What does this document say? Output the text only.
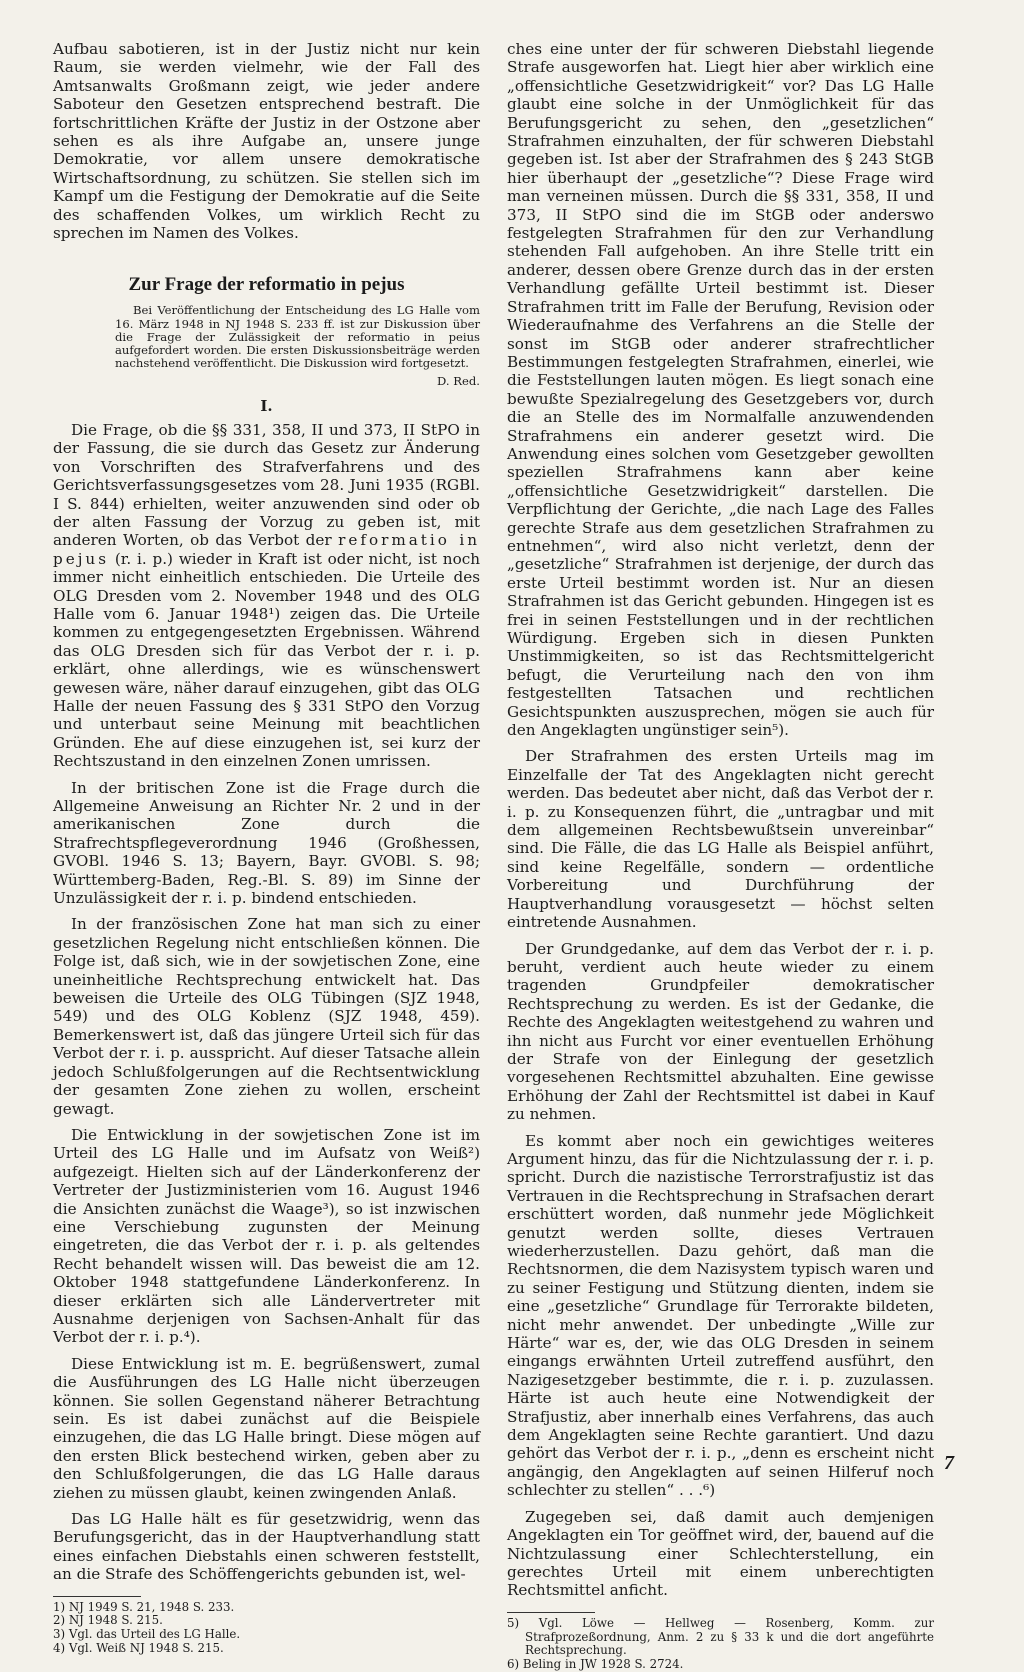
Aufbau sabotieren, ist in der Justiz nicht nur kein Raum, sie werden vielmehr, wie der Fall des Amtsanwalts Großmann zeigt, wie jeder andere Saboteur den Gesetzen entsprechend bestraft. Die fortschrittlichen Kräfte der Justiz in der Ostzone aber sehen es als ihre Aufgabe an, unsere junge Demokratie, vor allem unsere demokratische Wirtschaftsordnung, zu schützen. Sie stellen sich im Kampf um die Festigung der Demokratie auf die Seite des schaffenden Volkes, um wirklich Recht zu sprechen im Namen des Volkes.

Zur Frage der reformatio in pejus

Bei Veröffentlichung der Entscheidung des LG Halle vom 16. März 1948 in NJ 1948 S. 233 ff. ist zur Diskussion über die Frage der Zulässigkeit der reformatio in peius aufgefordert worden. Die ersten Diskussionsbeiträge werden nachstehend veröffentlicht. Die Diskussion wird fortgesetzt.

D. Red.

I.

Die Frage, ob die §§ 331, 358, II und 373, II StPO in der Fassung, die sie durch das Gesetz zur Änderung von Vorschriften des Strafverfahrens und des Gerichtsverfassungsgesetzes vom 28. Juni 1935 (RGBl. I S. 844) erhielten, weiter anzuwenden sind oder ob der alten Fassung der Vorzug zu geben ist, mit anderen Worten, ob das Verbot der reformatio in pejus (r. i. p.) wieder in Kraft ist oder nicht, ist noch immer nicht einheitlich entschieden. Die Urteile des OLG Dresden vom 2. November 1948 und des OLG Halle vom 6. Januar 1948¹) zeigen das. Die Urteile kommen zu entgegengesetzten Ergebnissen. Während das OLG Dresden sich für das Verbot der r. i. p. erklärt, ohne allerdings, wie es wünschenswert gewesen wäre, näher darauf einzugehen, gibt das OLG Halle der neuen Fassung des § 331 StPO den Vorzug und unterbaut seine Meinung mit beachtlichen Gründen. Ehe auf diese einzugehen ist, sei kurz der Rechtszustand in den einzelnen Zonen umrissen.

In der britischen Zone ist die Frage durch die Allgemeine Anweisung an Richter Nr. 2 und in der amerikanischen Zone durch die Strafrechtspflegeverordnung 1946 (Großhessen, GVOBl. 1946 S. 13; Bayern, Bayr. GVOBl. S. 98; Württemberg-Baden, Reg.-Bl. S. 89) im Sinne der Unzulässigkeit der r. i. p. bindend entschieden.

In der französischen Zone hat man sich zu einer gesetzlichen Regelung nicht entschließen können. Die Folge ist, daß sich, wie in der sowjetischen Zone, eine uneinheitliche Rechtsprechung entwickelt hat. Das beweisen die Urteile des OLG Tübingen (SJZ 1948, 549) und des OLG Koblenz (SJZ 1948, 459). Bemerkenswert ist, daß das jüngere Urteil sich für das Verbot der r. i. p. ausspricht. Auf dieser Tatsache allein jedoch Schlußfolgerungen auf die Rechtsentwicklung der gesamten Zone ziehen zu wollen, erscheint gewagt.

Die Entwicklung in der sowjetischen Zone ist im Urteil des LG Halle und im Aufsatz von Weiß²) aufgezeigt. Hielten sich auf der Länderkonferenz der Vertreter der Justizministerien vom 16. August 1946 die Ansichten zunächst die Waage³), so ist inzwischen eine Verschiebung zugunsten der Meinung eingetreten, die das Verbot der r. i. p. als geltendes Recht behandelt wissen will. Das beweist die am 12. Oktober 1948 stattgefundene Länderkonferenz. In dieser erklärten sich alle Ländervertreter mit Ausnahme derjenigen von Sachsen-Anhalt für das Verbot der r. i. p.⁴).

Diese Entwicklung ist m. E. begrüßenswert, zumal die Ausführungen des LG Halle nicht überzeugen können. Sie sollen Gegenstand näherer Betrachtung sein. Es ist dabei zunächst auf die Beispiele einzugehen, die das LG Halle bringt. Diese mögen auf den ersten Blick bestechend wirken, geben aber zu den Schlußfolgerungen, die das LG Halle daraus ziehen zu müssen glaubt, keinen zwingenden Anlaß.

Das LG Halle hält es für gesetzwidrig, wenn das Berufungsgericht, das in der Hauptverhandlung statt eines einfachen Diebstahls einen schweren feststellt, an die Strafe des Schöffengerichts gebunden ist, wel-

1) NJ 1949 S. 21, 1948 S. 233.

2) NJ 1948 S. 215.

3) Vgl. das Urteil des LG Halle.

4) Vgl. Weiß NJ 1948 S. 215.

ches eine unter der für schweren Diebstahl liegende Strafe ausgeworfen hat. Liegt hier aber wirklich eine „offensichtliche Gesetzwidrigkeit“ vor? Das LG Halle glaubt eine solche in der Unmöglichkeit für das Berufungsgericht zu sehen, den „gesetzlichen“ Strafrahmen einzuhalten, der für schweren Diebstahl gegeben ist. Ist aber der Strafrahmen des § 243 StGB hier überhaupt der „gesetzliche“? Diese Frage wird man verneinen müssen. Durch die §§ 331, 358, II und 373, II StPO sind die im StGB oder anderswo festgelegten Strafrahmen für den zur Verhandlung stehenden Fall aufgehoben. An ihre Stelle tritt ein anderer, dessen obere Grenze durch das in der ersten Verhandlung gefällte Urteil bestimmt ist. Dieser Strafrahmen tritt im Falle der Berufung, Revision oder Wiederaufnahme des Verfahrens an die Stelle der sonst im StGB oder anderer strafrechtlicher Bestimmungen festgelegten Strafrahmen, einerlei, wie die Feststellungen lauten mögen. Es liegt sonach eine bewußte Spezialregelung des Gesetzgebers vor, durch die an Stelle des im Normalfalle anzuwendenden Strafrahmens ein anderer gesetzt wird. Die Anwendung eines solchen vom Gesetzgeber gewollten speziellen Strafrahmens kann aber keine „offensichtliche Gesetzwidrigkeit“ darstellen. Die Verpflichtung der Gerichte, „die nach Lage des Falles gerechte Strafe aus dem gesetzlichen Strafrahmen zu entnehmen“, wird also nicht verletzt, denn der „gesetzliche“ Strafrahmen ist derjenige, der durch das erste Urteil bestimmt worden ist. Nur an diesen Strafrahmen ist das Gericht gebunden. Hingegen ist es frei in seinen Feststellungen und in der rechtlichen Würdigung. Ergeben sich in diesen Punkten Unstimmigkeiten, so ist das Rechtsmittelgericht befugt, die Verurteilung nach den von ihm festgestellten Tatsachen und rechtlichen Gesichtspunkten auszusprechen, mögen sie auch für den Angeklagten ungünstiger sein⁵).

Der Strafrahmen des ersten Urteils mag im Einzelfalle der Tat des Angeklagten nicht gerecht werden. Das bedeutet aber nicht, daß das Verbot der r. i. p. zu Konsequenzen führt, die „untragbar und mit dem allgemeinen Rechtsbewußtsein unvereinbar“ sind. Die Fälle, die das LG Halle als Beispiel anführt, sind keine Regelfälle, sondern — ordentliche Vorbereitung und Durchführung der Hauptverhandlung vorausgesetzt — höchst selten eintretende Ausnahmen.

Der Grundgedanke, auf dem das Verbot der r. i. p. beruht, verdient auch heute wieder zu einem tragenden Grundpfeiler demokratischer Rechtsprechung zu werden. Es ist der Gedanke, die Rechte des Angeklagten weitestgehend zu wahren und ihn nicht aus Furcht vor einer eventuellen Erhöhung der Strafe von der Einlegung der gesetzlich vorgesehenen Rechtsmittel abzuhalten. Eine gewisse Erhöhung der Zahl der Rechtsmittel ist dabei in Kauf zu nehmen.

Es kommt aber noch ein gewichtiges weiteres Argument hinzu, das für die Nichtzulassung der r. i. p. spricht. Durch die nazistische Terrorstrafjustiz ist das Vertrauen in die Rechtsprechung in Strafsachen derart erschüttert worden, daß nunmehr jede Möglichkeit genutzt werden sollte, dieses Vertrauen wiederherzustellen. Dazu gehört, daß man die Rechtsnormen, die dem Nazisystem typisch waren und zu seiner Festigung und Stützung dienten, indem sie eine „gesetzliche“ Grundlage für Terrorakte bildeten, nicht mehr anwendet. Der unbedingte „Wille zur Härte“ war es, der, wie das OLG Dresden in seinem eingangs erwähnten Urteil zutreffend ausführt, den Nazigesetzgeber bestimmte, die r. i. p. zuzulassen. Härte ist auch heute eine Notwendigkeit der Strafjustiz, aber innerhalb eines Verfahrens, das auch dem Angeklagten seine Rechte garantiert. Und dazu gehört das Verbot der r. i. p., „denn es erscheint nicht angängig, den Angeklagten auf seinen Hilferuf noch schlechter zu stellen“ . . .⁶)

Zugegeben sei, daß damit auch demjenigen Angeklagten ein Tor geöffnet wird, der, bauend auf die Nichtzulassung einer Schlechterstellung, ein gerechtes Urteil mit einem unberechtigten Rechtsmittel anficht.

5) Vgl. Löwe — Hellweg — Rosenberg, Komm. zur Strafprozeßordnung, Anm. 2 zu § 33 k und die dort angeführte Rechtsprechung.

6) Beling in JW 1928 S. 2724.

7
